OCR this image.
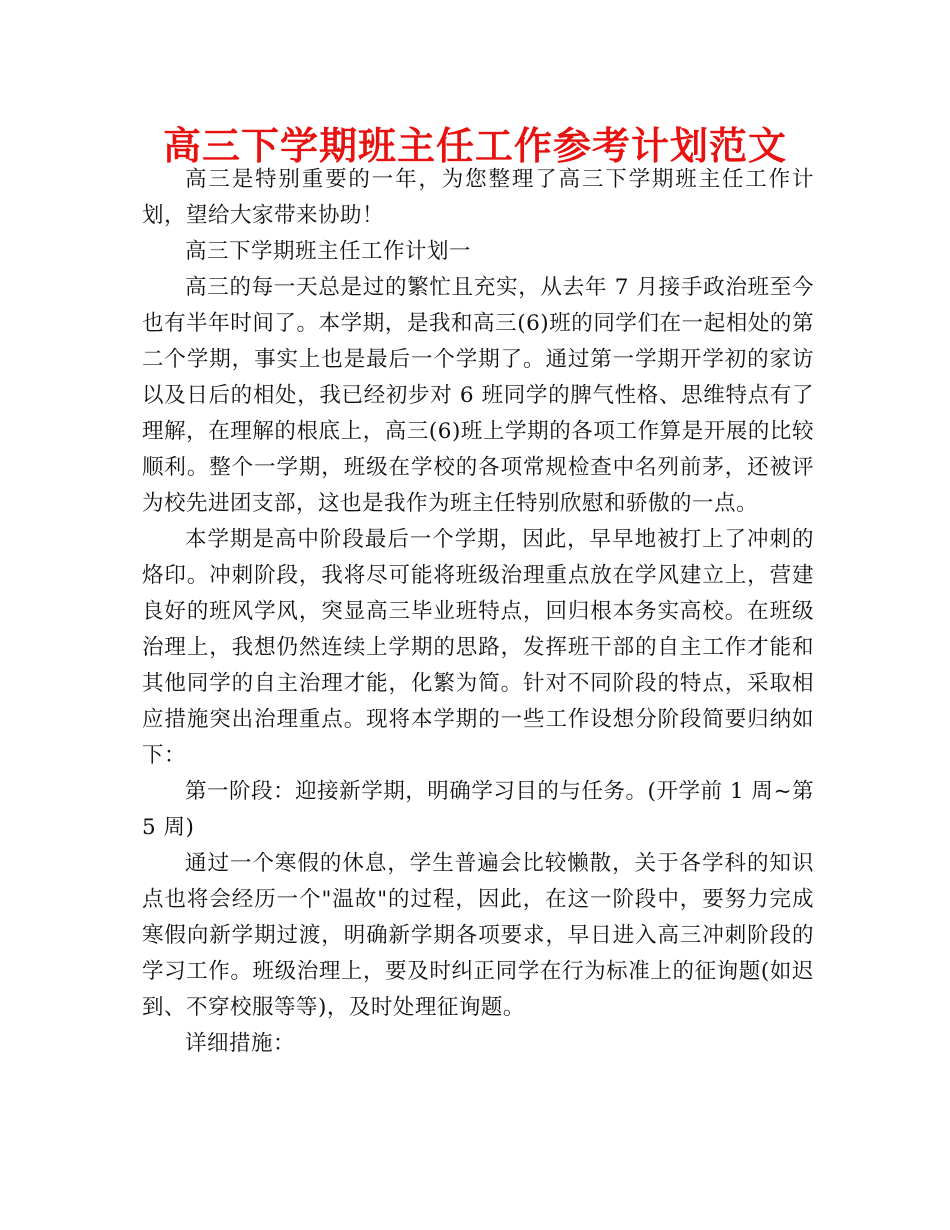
高三下学期班主任工作参考计划范文

高三是特别重要的一年，为您整理了高三下学期班主任工作计划，望给大家带来协助！

高三下学期班主任工作计划一

高三的每一天总是过的繁忙且充实，从去年 7 月接手政治班至今也有半年时间了。本学期，是我和高三(6)班的同学们在一起相处的第二个学期，事实上也是最后一个学期了。通过第一学期开学初的家访以及日后的相处，我已经初步对 6 班同学的脾气性格、思维特点有了理解，在理解的根底上，高三(6)班上学期的各项工作算是开展的比较顺利。整个一学期，班级在学校的各项常规检查中名列前茅，还被评为校先进团支部，这也是我作为班主任特别欣慰和骄傲的一点。

本学期是高中阶段最后一个学期，因此，早早地被打上了冲刺的烙印。冲刺阶段，我将尽可能将班级治理重点放在学风建立上，营建良好的班风学风，突显高三毕业班特点，回归根本务实高校。在班级治理上，我想仍然连续上学期的思路，发挥班干部的自主工作才能和其他同学的自主治理才能，化繁为简。针对不同阶段的特点，采取相应措施突出治理重点。现将本学期的一些工作设想分阶段简要归纳如下：

第一阶段：迎接新学期，明确学习目的与任务。(开学前 1 周~第 5 周)

通过一个寒假的休息，学生普遍会比较懒散，关于各学科的知识点也将会经历一个"温故"的过程，因此，在这一阶段中，要努力完成寒假向新学期过渡，明确新学期各项要求，早日进入高三冲刺阶段的学习工作。班级治理上，要及时纠正同学在行为标准上的征询题(如迟到、不穿校服等等)，及时处理征询题。

详细措施：
